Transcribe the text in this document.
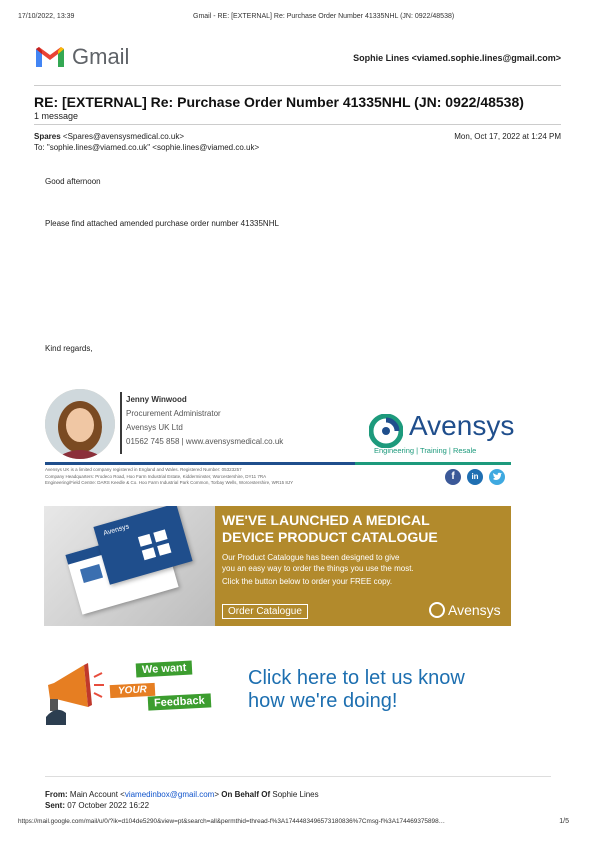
17/10/2022, 13:39	Gmail - RE: [EXTERNAL] Re: Purchase Order Number 41335NHL (JN: 0922/48538)
Gmail	Sophie Lines <viamed.sophie.lines@gmail.com>
RE: [EXTERNAL] Re: Purchase Order Number 41335NHL (JN: 0922/48538)
1 message
Spares <Spares@avensysmedical.co.uk>	Mon, Oct 17, 2022 at 1:24 PM
To: "sophie.lines@viamed.co.uk" <sophie.lines@viamed.co.uk>
Good afternoon
Please find attached amended purchase order number 41335NHL
Kind regards,
Jenny Winwood
Procurement Administrator
Avensys UK Ltd
01562 745 858 | www.avensysmedical.co.uk
Avensys
Engineering | Training | Resale
Avensys UK is a limited company registered in England and Wales. Registered Number: 05323257
Company Headquarters: Prodeco Road, Hoo Farm Industrial Estate, Kidderminster, Worcestershire, DY11 7RA
Engineering/Field Centre: DARS Keedle & Co. Hoo Farm Industrial Park Common, Torbay Wells, Worcestershire, WR15 8JY
f	in
Avensys
WE'VE LAUNCHED A MEDICAL
DEVICE PRODUCT CATALOGUE
Our Product Catalogue has been designed to give
you an easy way to order the things you use the most.
Click the button below to order your FREE copy.
Order Catalogue	Avensys
We want
YOUR
Feedback
Click here to let us know
how we're doing!
From: Main Account <viamedinbox@gmail.com> On Behalf Of Sophie Lines
Sent: 07 October 2022 16:22
https://mail.google.com/mail/u/0/?ik=d104de5290&view=pt&search=all&permthid=thread-f%3A1744483496573180836%7Cmsg-f%3A174469375898…	1/5
